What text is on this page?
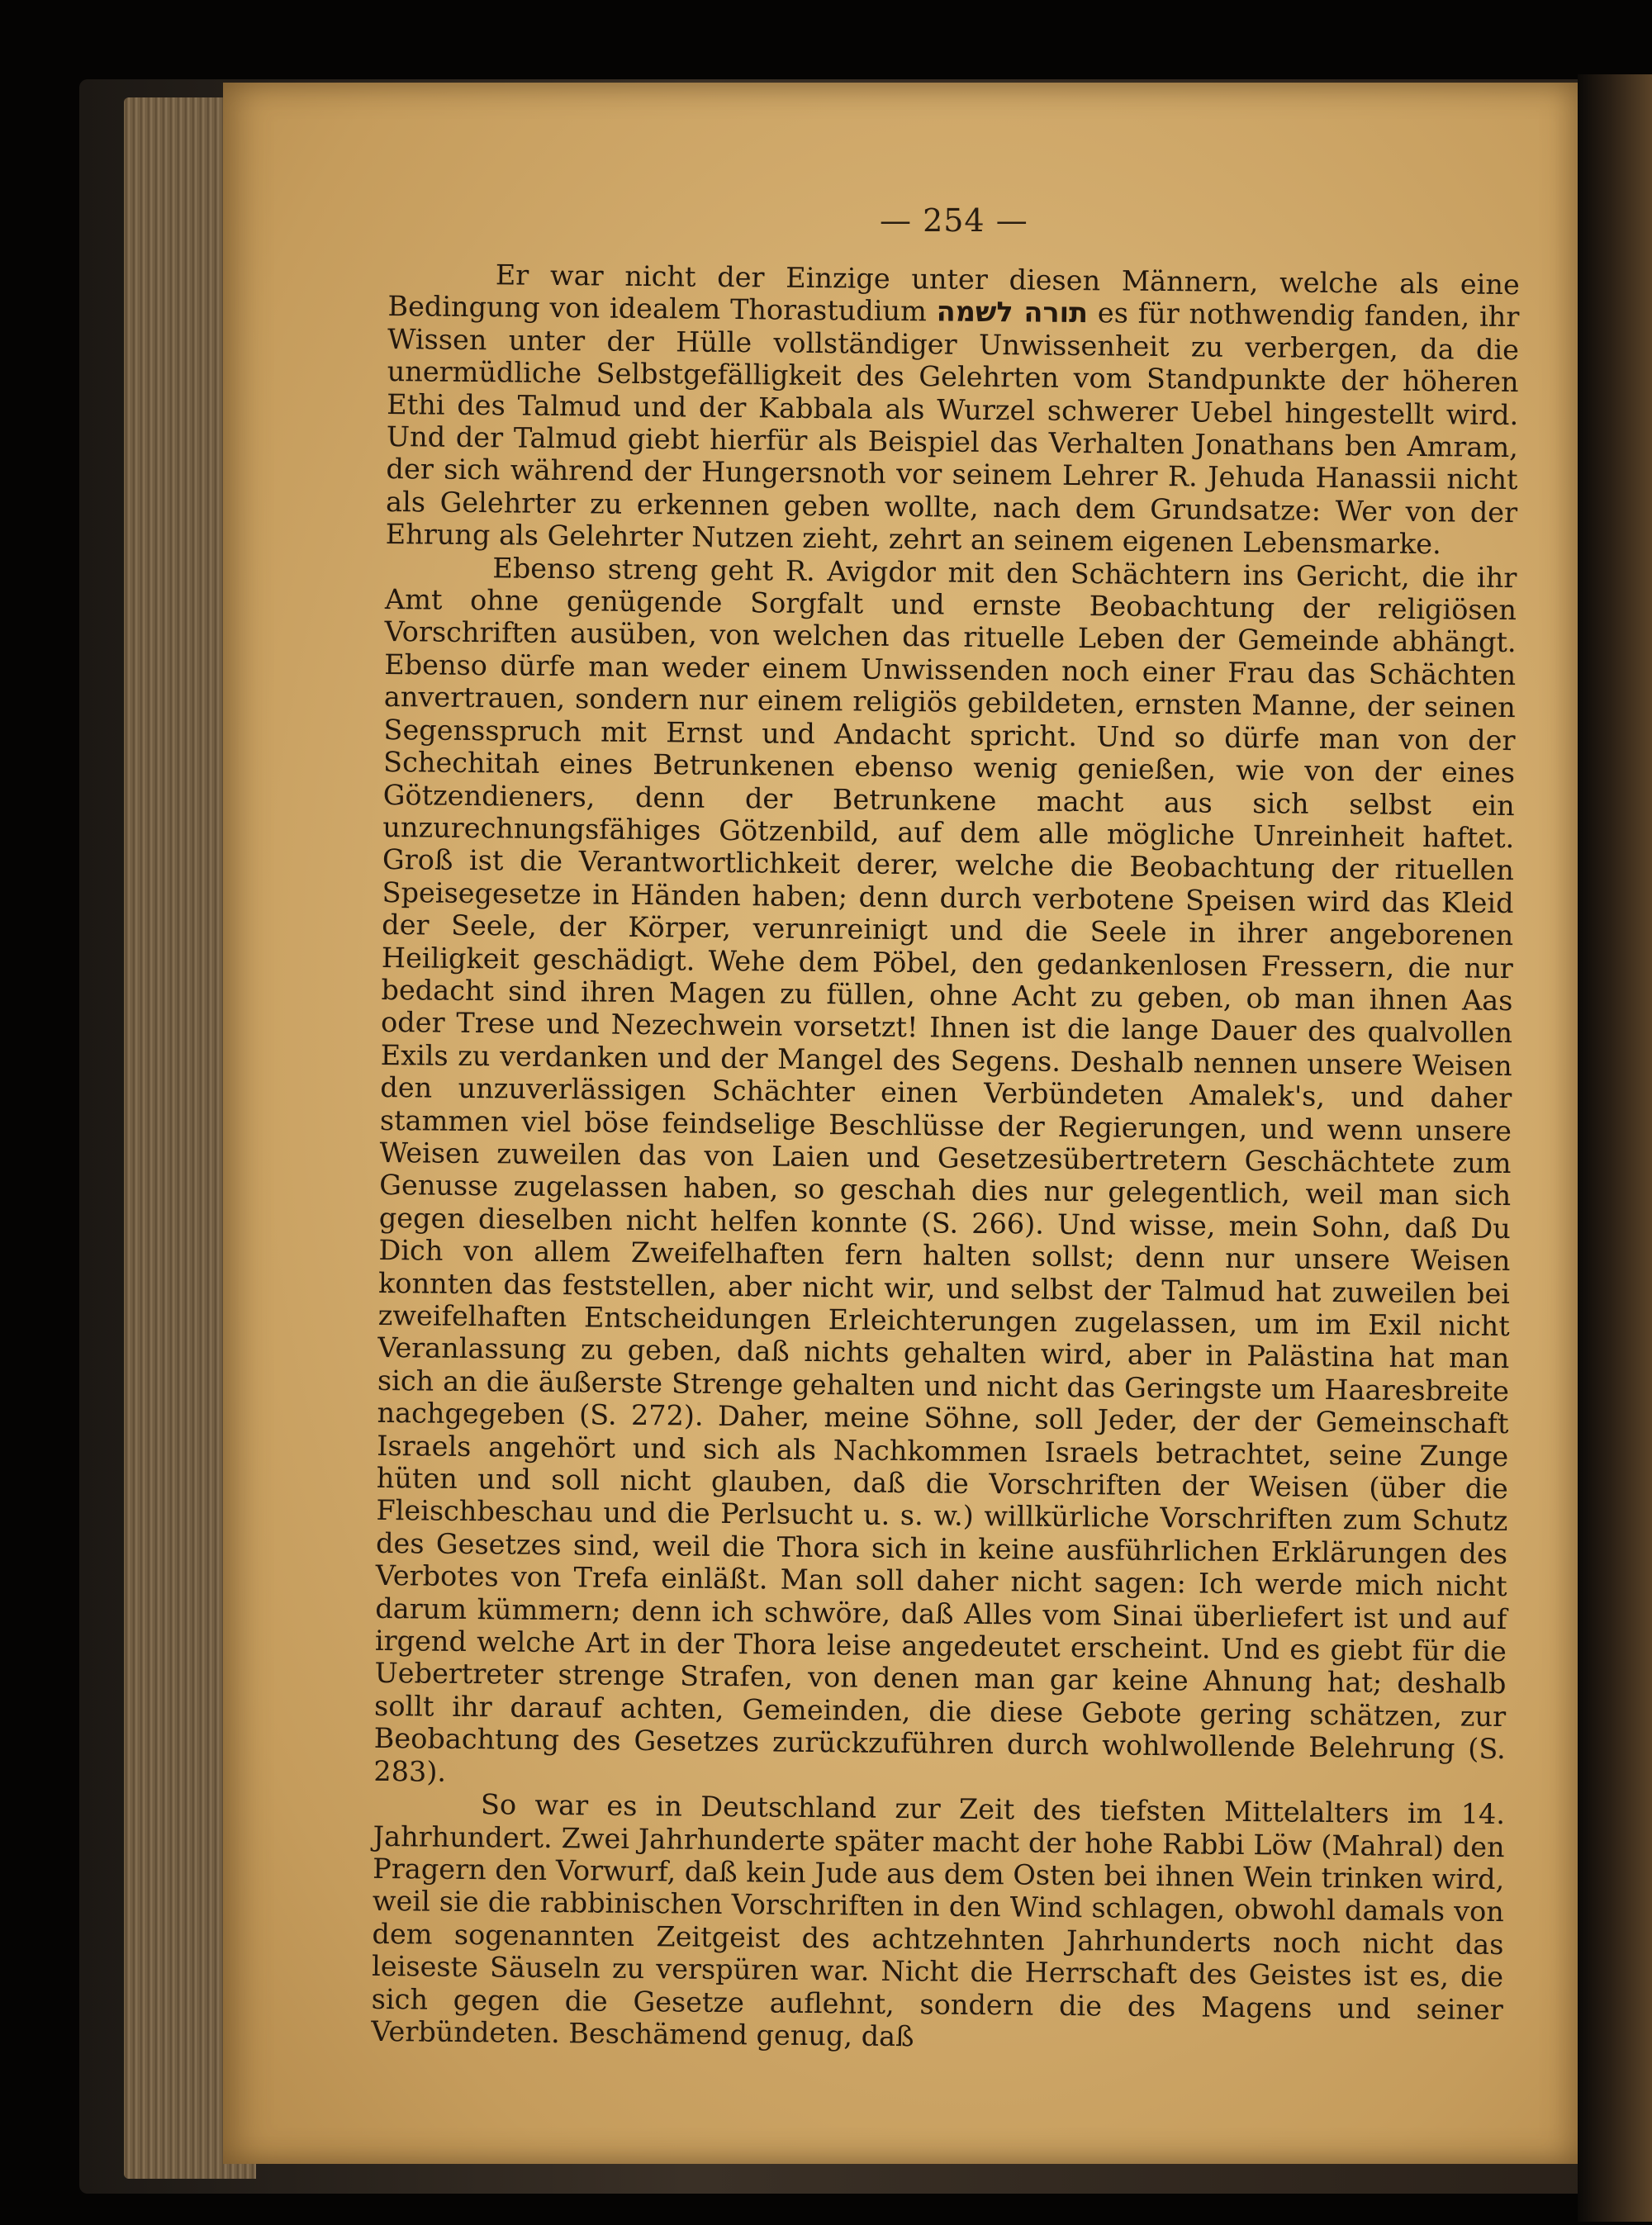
— 254 —

Er war nicht der Einzige unter diesen Männern, welche als eine Bedingung von idealem Thorastudium תורה לשמה es für nothwendig fanden, ihr Wissen unter der Hülle vollständiger Unwissenheit zu verbergen, da die unermüdliche Selbstgefälligkeit des Gelehrten vom Standpunkte der höheren Ethi des Talmud und der Kabbala als Wurzel schwerer Uebel hingestellt wird. Und der Talmud giebt hierfür als Beispiel das Verhalten Jonathans ben Amram, der sich während der Hungersnoth vor seinem Lehrer R. Jehuda Hanassii nicht als Gelehrter zu erkennen geben wollte, nach dem Grundsatze: Wer von der Ehrung als Gelehrter Nutzen zieht, zehrt an seinem eigenen Lebensmarke.

Ebenso streng geht R. Avigdor mit den Schächtern ins Gericht, die ihr Amt ohne genügende Sorgfalt und ernste Beobachtung der religiösen Vorschriften ausüben, von welchen das rituelle Leben der Gemeinde abhängt. Ebenso dürfe man weder einem Unwissenden noch einer Frau das Schächten anvertrauen, sondern nur einem religiös gebildeten, ernsten Manne, der seinen Segensspruch mit Ernst und Andacht spricht. Und so dürfe man von der Schechitah eines Betrunkenen ebenso wenig genießen, wie von der eines Götzendieners, denn der Betrunkene macht aus sich selbst ein unzurechnungsfähiges Götzenbild, auf dem alle mögliche Unreinheit haftet. Groß ist die Verantwortlichkeit derer, welche die Beobachtung der rituellen Speisegesetze in Händen haben; denn durch verbotene Speisen wird das Kleid der Seele, der Körper, verunreinigt und die Seele in ihrer angeborenen Heiligkeit geschädigt. Wehe dem Pöbel, den gedankenlosen Fressern, die nur bedacht sind ihren Magen zu füllen, ohne Acht zu geben, ob man ihnen Aas oder Trese und Nezechwein vorsetzt! Ihnen ist die lange Dauer des qualvollen Exils zu verdanken und der Mangel des Segens. Deshalb nennen unsere Weisen den unzuverlässigen Schächter einen Verbündeten Amalek's, und daher stammen viel böse feindselige Beschlüsse der Regierungen, und wenn unsere Weisen zuweilen das von Laien und Gesetzesübertretern Geschächtete zum Genusse zugelassen haben, so geschah dies nur gelegentlich, weil man sich gegen dieselben nicht helfen konnte (S. 266). Und wisse, mein Sohn, daß Du Dich von allem Zweifelhaften fern halten sollst; denn nur unsere Weisen konnten das feststellen, aber nicht wir, und selbst der Talmud hat zuweilen bei zweifelhaften Entscheidungen Erleichterungen zugelassen, um im Exil nicht Veranlassung zu geben, daß nichts gehalten wird, aber in Palästina hat man sich an die äußerste Strenge gehalten und nicht das Geringste um Haaresbreite nachgegeben (S. 272). Daher, meine Söhne, soll Jeder, der der Gemeinschaft Israels angehört und sich als Nachkommen Israels betrachtet, seine Zunge hüten und soll nicht glauben, daß die Vorschriften der Weisen (über die Fleischbeschau und die Perlsucht u. s. w.) willkürliche Vorschriften zum Schutz des Gesetzes sind, weil die Thora sich in keine ausführlichen Erklärungen des Verbotes von Trefa einläßt. Man soll daher nicht sagen: Ich werde mich nicht darum kümmern; denn ich schwöre, daß Alles vom Sinai überliefert ist und auf irgend welche Art in der Thora leise angedeutet erscheint. Und es giebt für die Uebertreter strenge Strafen, von denen man gar keine Ahnung hat; deshalb sollt ihr darauf achten, Gemeinden, die diese Gebote gering schätzen, zur Beobachtung des Gesetzes zurückzuführen durch wohlwollende Belehrung (S. 283).

So war es in Deutschland zur Zeit des tiefsten Mittelalters im 14. Jahrhundert. Zwei Jahrhunderte später macht der hohe Rabbi Löw (Mahral) den Pragern den Vorwurf, daß kein Jude aus dem Osten bei ihnen Wein trinken wird, weil sie die rabbinischen Vorschriften in den Wind schlagen, obwohl damals von dem sogenannten Zeitgeist des achtzehnten Jahrhunderts noch nicht das leiseste Säuseln zu verspüren war. Nicht die Herrschaft des Geistes ist es, die sich gegen die Gesetze auflehnt, sondern die des Magens und seiner Verbündeten. Beschämend genug, daß
